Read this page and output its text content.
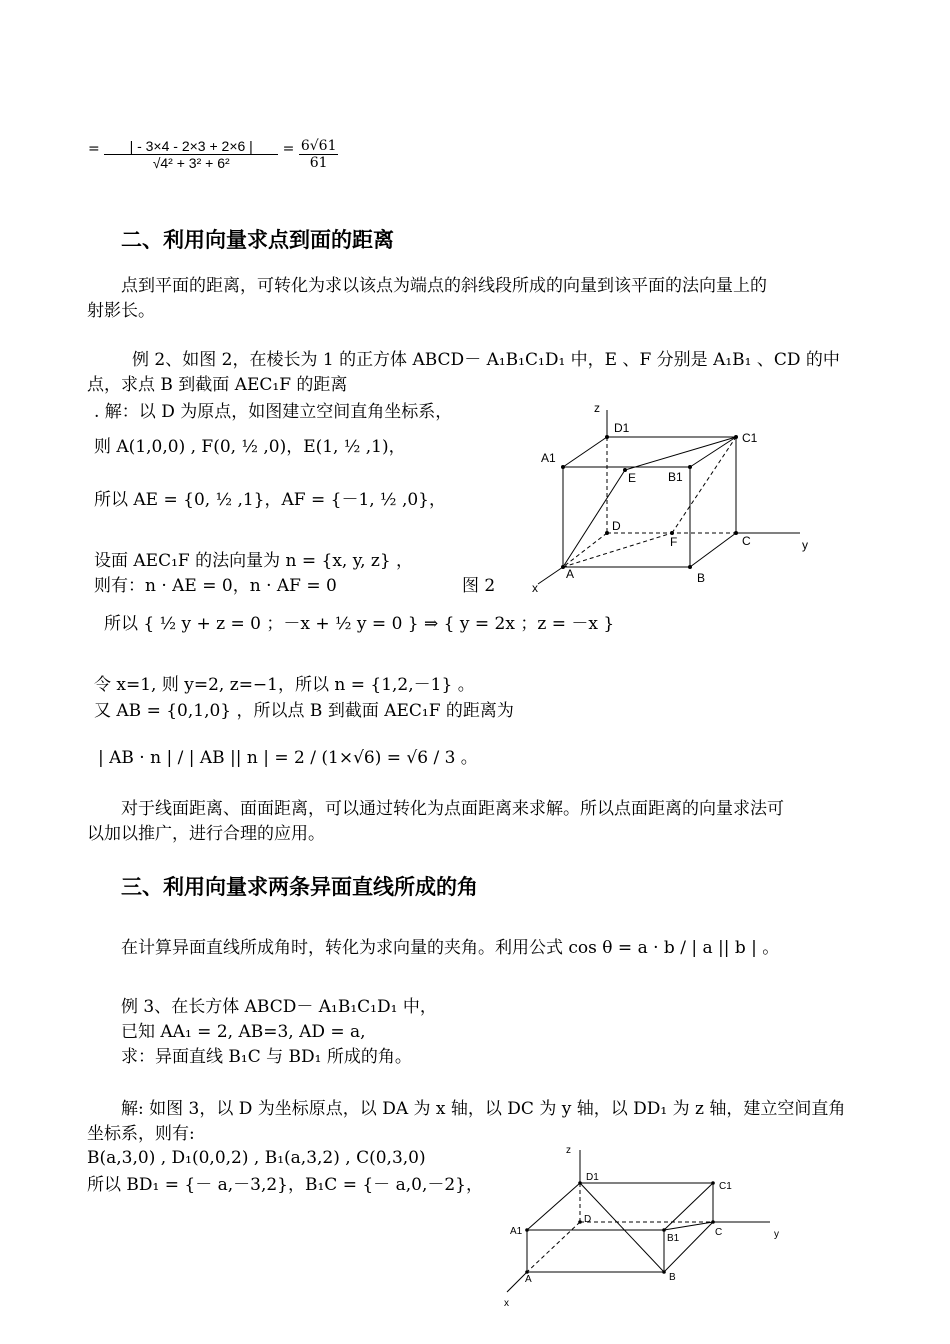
= $\frac{| - 3\times 4 - 2\times 3 + 2\times 6 |}{\text{√4² + 3² + 6²}} = \frac{6√61}{61}$
二、利用向量求点到面的距离
点到平面的距离，可转化为求以该点为端点的斜线段所成的向量到该平面的法向量上的
射影长。
例 2、如图 2，在棱长为 1 的正方体 ABCD－ A₁B₁C₁D₁ 中，E 、F 分别是 A₁B₁ 、CD 的中
点，求点 B 到截面 AEC₁F 的距离
. 解：以 D 为原点，如图建立空间直角坐标系，
则 A(1,0,0) , F(0, ½ ,0)，E(1, ½ ,1)，
所以 AE = {0, ½ ,1}，AF = {－1, ½ ,0}，
设面 AEC₁F 的法向量为 n = {x, y, z} ，
则有：n · AE = 0，n · AF = 0	图 2
所以 { ½ y + z = 0 ；－x + ½ y = 0 } ⇒ { y = 2x ；z = －x }
令 x=1, 则 y=2, z=−1，所以 n = {1,2,－1} 。
又 AB = {0,1,0} ，所以点 B 到截面 AEC₁F 的距离为
| AB · n | / | AB || n | = 2 / (1×√6) = √6 / 3 。
对于线面距离、面面距离，可以通过转化为点面距离来求解。所以点面距离的向量求法可
以加以推广，进行合理的应用。
z
D1
C1
A1
E	B1
D
F	C	y
A	B
x
三、利用向量求两条异面直线所成的角
在计算异面直线所成角时，转化为求向量的夹角。利用公式 cos θ = a · b / | a || b | 。
例 3、在长方体 ABCD－ A₁B₁C₁D₁ 中，
已知 AA₁ = 2, AB=3, AD = a,
求：异面直线 B₁C 与 BD₁ 所成的角。
解: 如图 3，以 D 为坐标原点，以 DA 为 x 轴，以 DC 为 y 轴，以 DD₁ 为 z 轴，建立空间直角
坐标系，则有:
B(a,3,0) , D₁(0,0,2) , B₁(a,3,2) , C(0,3,0)
所以 BD₁ = {－ a,－3,2}，B₁C = {－ a,0,－2}，
z
D1
C1
A1
D
B1
C	y
A	B
x
